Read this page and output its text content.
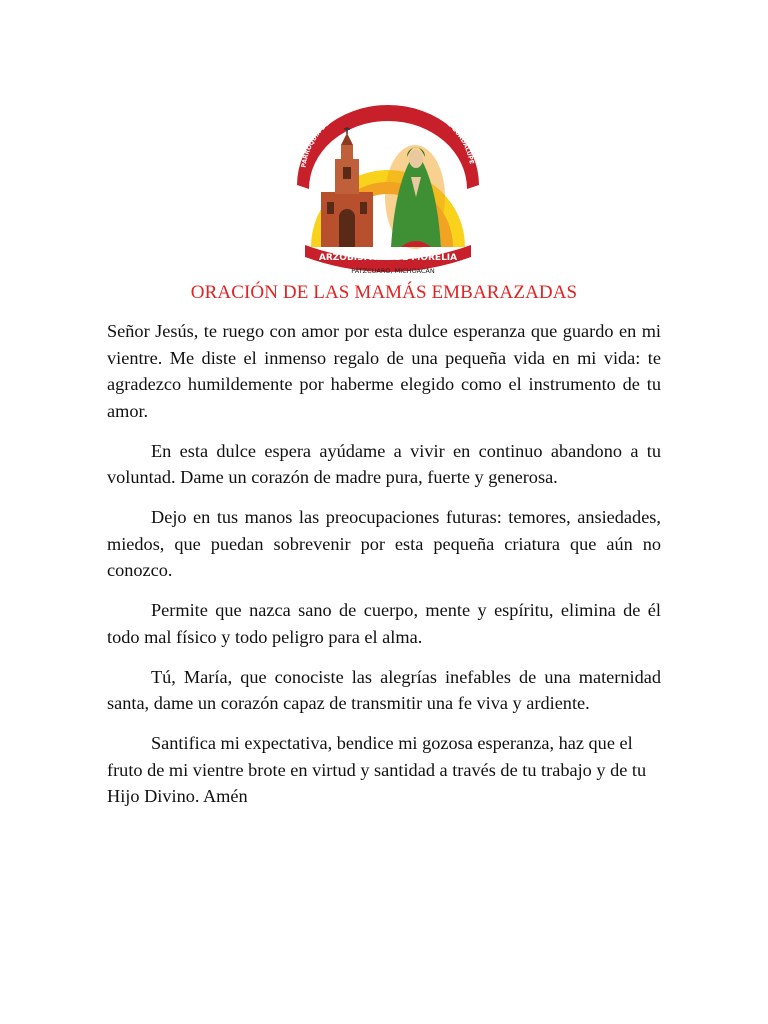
PARROQUIA DEL SANTUARIO DE NUESTRA SEÑORA DE GUADALUPE
ARZOBISPADO DE MORELIA
PÁTZCUARO, MICHOACÁN
ORACIÓN DE LAS MAMÁS EMBARAZADAS

Señor Jesús, te ruego con amor por esta dulce esperanza que guardo en mi vientre. Me diste el inmenso regalo de una pequeña vida en mi vida: te agradezco humildemente por haberme elegido como el instrumento de tu amor.

En esta dulce espera ayúdame a vivir en continuo abandono a tu voluntad. Dame un corazón de madre pura, fuerte y generosa.

Dejo en tus manos las preocupaciones futuras: temores, ansiedades, miedos, que puedan sobrevenir por esta pequeña criatura que aún no conozco.

Permite que nazca sano de cuerpo, mente y espíritu, elimina de él todo mal físico y todo peligro para el alma.

Tú, María, que conociste las alegrías inefables de una maternidad santa, dame un corazón capaz de transmitir una fe viva y ardiente.

Santifica mi expectativa, bendice mi gozosa esperanza, haz que el fruto de mi vientre brote en virtud y santidad a través de tu trabajo y de tu Hijo Divino. Amén
